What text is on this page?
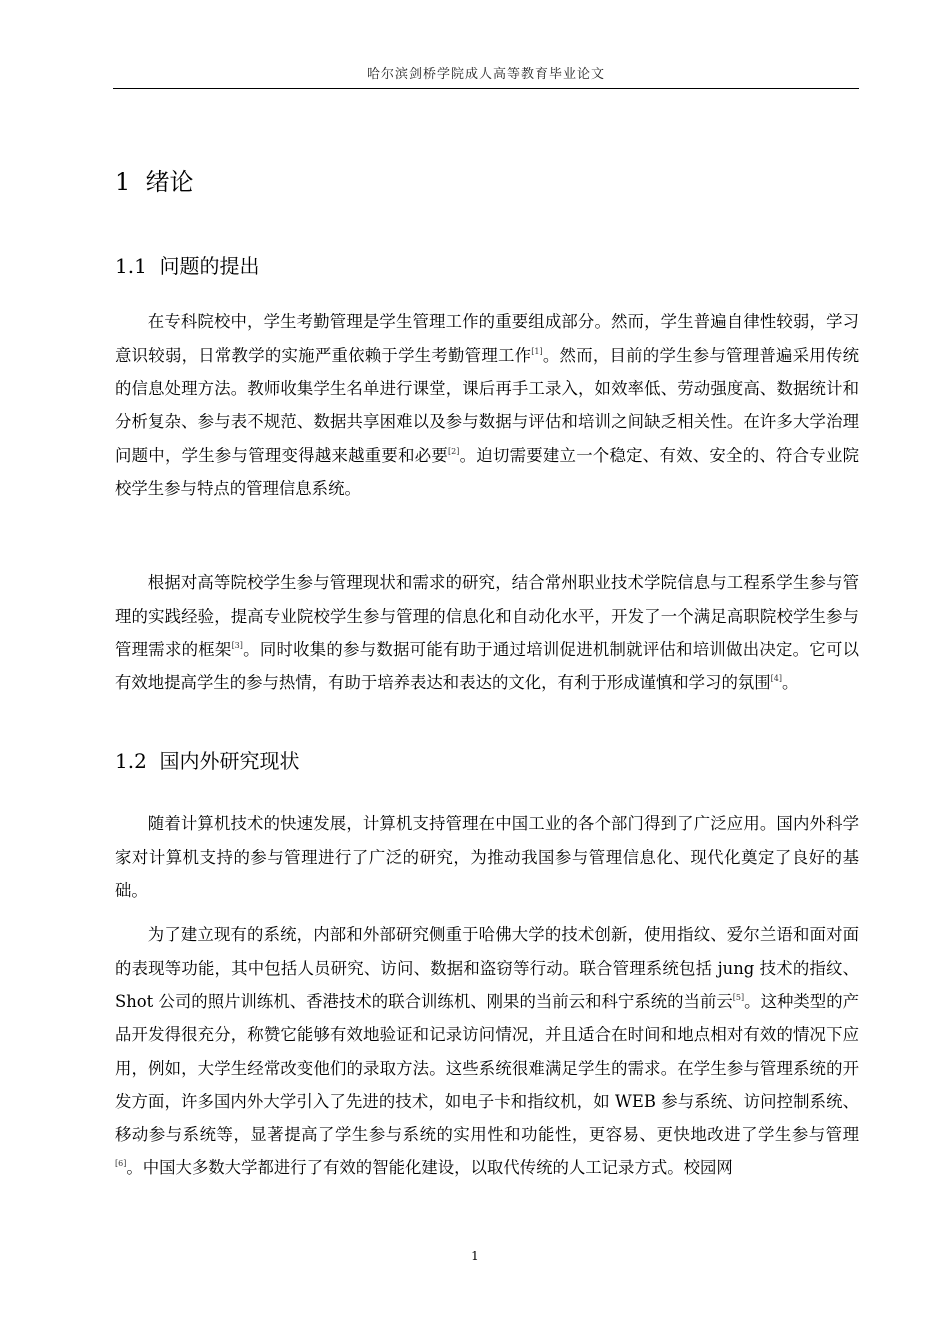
哈尔滨剑桥学院成人高等教育毕业论文
1  绪论
1.1  问题的提出

在专科院校中，学生考勤管理是学生管理工作的重要组成部分。然而，学生普遍自律性较弱，学习意识较弱，日常教学的实施严重依赖于学生考勤管理工作[1]。然而，目前的学生参与管理普遍采用传统的信息处理方法。教师收集学生名单进行课堂，课后再手工录入，如效率低、劳动强度高、数据统计和分析复杂、参与表不规范、数据共享困难以及参与数据与评估和培训之间缺乏相关性。在许多大学治理问题中，学生参与管理变得越来越重要和必要[2]。迫切需要建立一个稳定、有效、安全的、符合专业院校学生参与特点的管理信息系统。

根据对高等院校学生参与管理现状和需求的研究，结合常州职业技术学院信息与工程系学生参与管理的实践经验，提高专业院校学生参与管理的信息化和自动化水平，开发了一个满足高职院校学生参与管理需求的框架[3]。同时收集的参与数据可能有助于通过培训促进机制就评估和培训做出决定。它可以有效地提高学生的参与热情，有助于培养表达和表达的文化，有利于形成谨慎和学习的氛围[4]。

1.2  国内外研究现状

随着计算机技术的快速发展，计算机支持管理在中国工业的各个部门得到了广泛应用。国内外科学家对计算机支持的参与管理进行了广泛的研究，为推动我国参与管理信息化、现代化奠定了良好的基础。

为了建立现有的系统，内部和外部研究侧重于哈佛大学的技术创新，使用指纹、爱尔兰语和面对面的表现等功能，其中包括人员研究、访问、数据和盗窃等行动。联合管理系统包括 jung 技术的指纹、Shot 公司的照片训练机、香港技术的联合训练机、刚果的当前云和科宁系统的当前云[5]。这种类型的产品开发得很充分，称赞它能够有效地验证和记录访问情况，并且适合在时间和地点相对有效的情况下应用，例如，大学生经常改变他们的录取方法。这些系统很难满足学生的需求。在学生参与管理系统的开发方面，许多国内外大学引入了先进的技术，如电子卡和指纹机，如 WEB 参与系统、访问控制系统、移动参与系统等，显著提高了学生参与系统的实用性和功能性，更容易、更快地改进了学生参与管理[6]。中国大多数大学都进行了有效的智能化建设，以取代传统的人工记录方式。校园网

1
